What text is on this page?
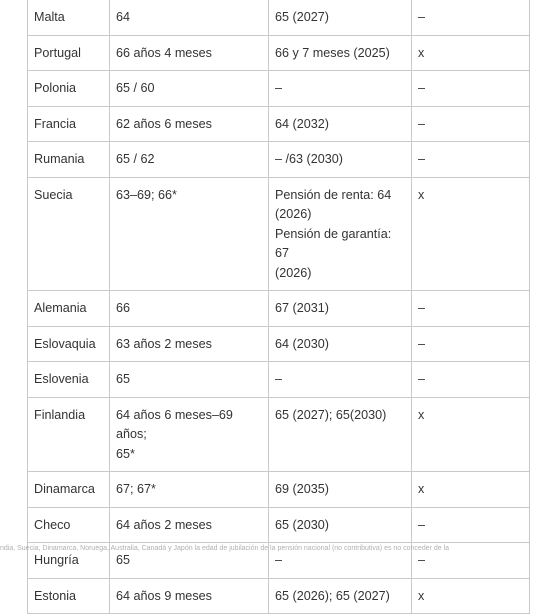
Malta	64	65 (2027)	–
Portugal	66 años 4 meses	66 y 7 meses (2025)	x
Polonia	65 / 60	–	–
Francia	62 años 6 meses	64 (2032)	–
Rumania	65 / 62	– /63 (2030)	–
Suecia	63–69; 66*	Pensión de renta: 64
(2026)
Pensión de garantía: 67
(2026)	x
Alemania	66	67 (2031)	–
Eslovaquia	63 años 2 meses	64 (2030)	–
Eslovenia	65	–	–
Finlandia	64 años 6 meses–69 años;
65*	65 (2027); 65(2030)	x
Dinamarca	67; 67*	69 (2035)	x
Checo	64 años 2 meses	65 (2030)	–
Hungría	65	–	–
Estonia	64 años 9 meses	65 (2026); 65 (2027)	x
ndia, Suecia, Dinamarca, Noruega, Australia, Canadá y Japón la edad de jubilación de la pensión nacional (no contributiva) es no conceder de la
